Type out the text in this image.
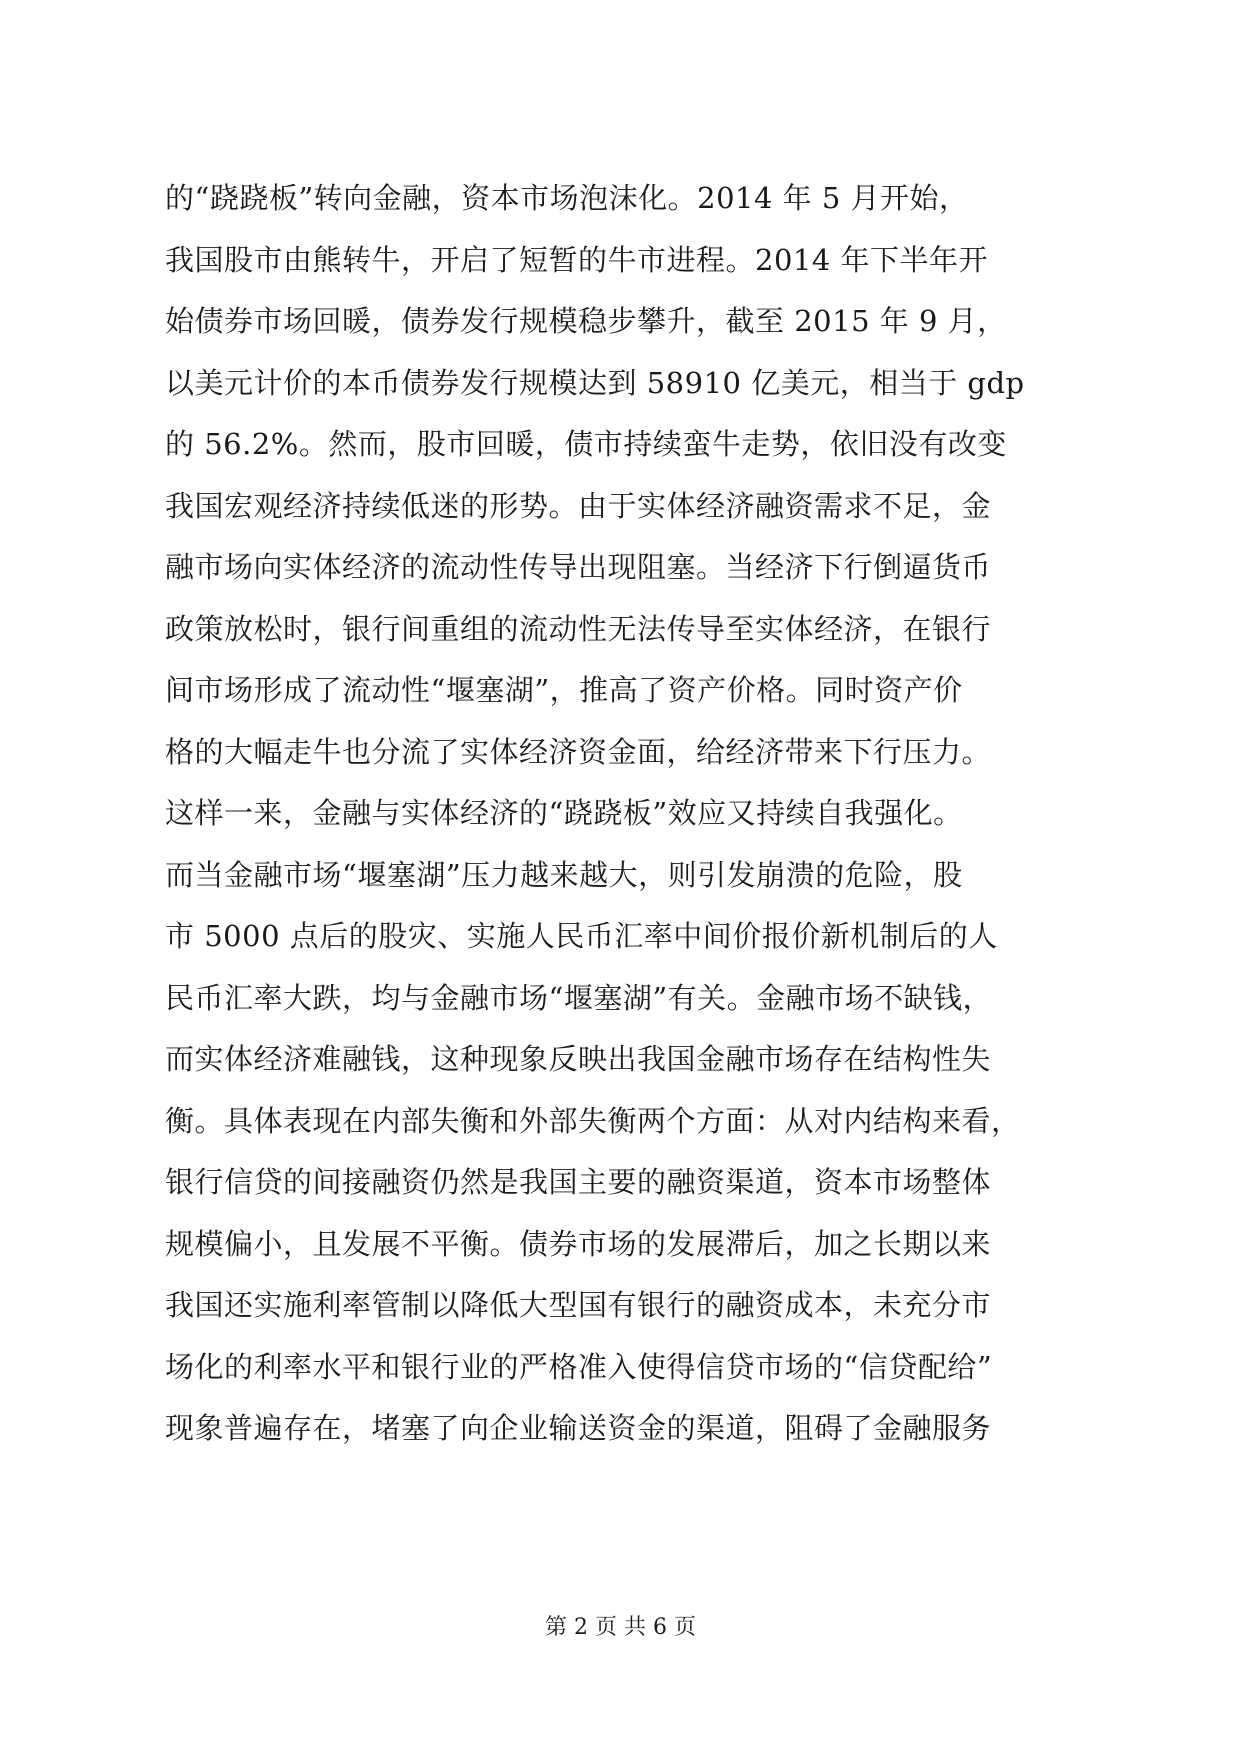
的“跷跷板”转向金融，资本市场泡沫化。2014 年 5 月开始，
我国股市由熊转牛，开启了短暂的牛市进程。2014 年下半年开
始债券市场回暖，债券发行规模稳步攀升，截至 2015 年 9 月，
以美元计价的本币债券发行规模达到 58910 亿美元，相当于 gdp
的 56.2%。然而，股市回暖，债市持续蛮牛走势，依旧没有改变
我国宏观经济持续低迷的形势。由于实体经济融资需求不足，金
融市场向实体经济的流动性传导出现阻塞。当经济下行倒逼货币
政策放松时，银行间重组的流动性无法传导至实体经济，在银行
间市场形成了流动性“堰塞湖”，推高了资产价格。同时资产价
格的大幅走牛也分流了实体经济资金面，给经济带来下行压力。
这样一来，金融与实体经济的“跷跷板”效应又持续自我强化。
而当金融市场“堰塞湖”压力越来越大，则引发崩溃的危险，股
市 5000 点后的股灾、实施人民币汇率中间价报价新机制后的人
民币汇率大跌，均与金融市场“堰塞湖”有关。金融市场不缺钱，
而实体经济难融钱，这种现象反映出我国金融市场存在结构性失
衡。具体表现在内部失衡和外部失衡两个方面：从对内结构来看，
银行信贷的间接融资仍然是我国主要的融资渠道，资本市场整体
规模偏小，且发展不平衡。债券市场的发展滞后，加之长期以来
我国还实施利率管制以降低大型国有银行的融资成本，未充分市
场化的利率水平和银行业的严格准入使得信贷市场的“信贷配给”
现象普遍存在，堵塞了向企业输送资金的渠道，阻碍了金融服务
第 2 页 共 6 页
